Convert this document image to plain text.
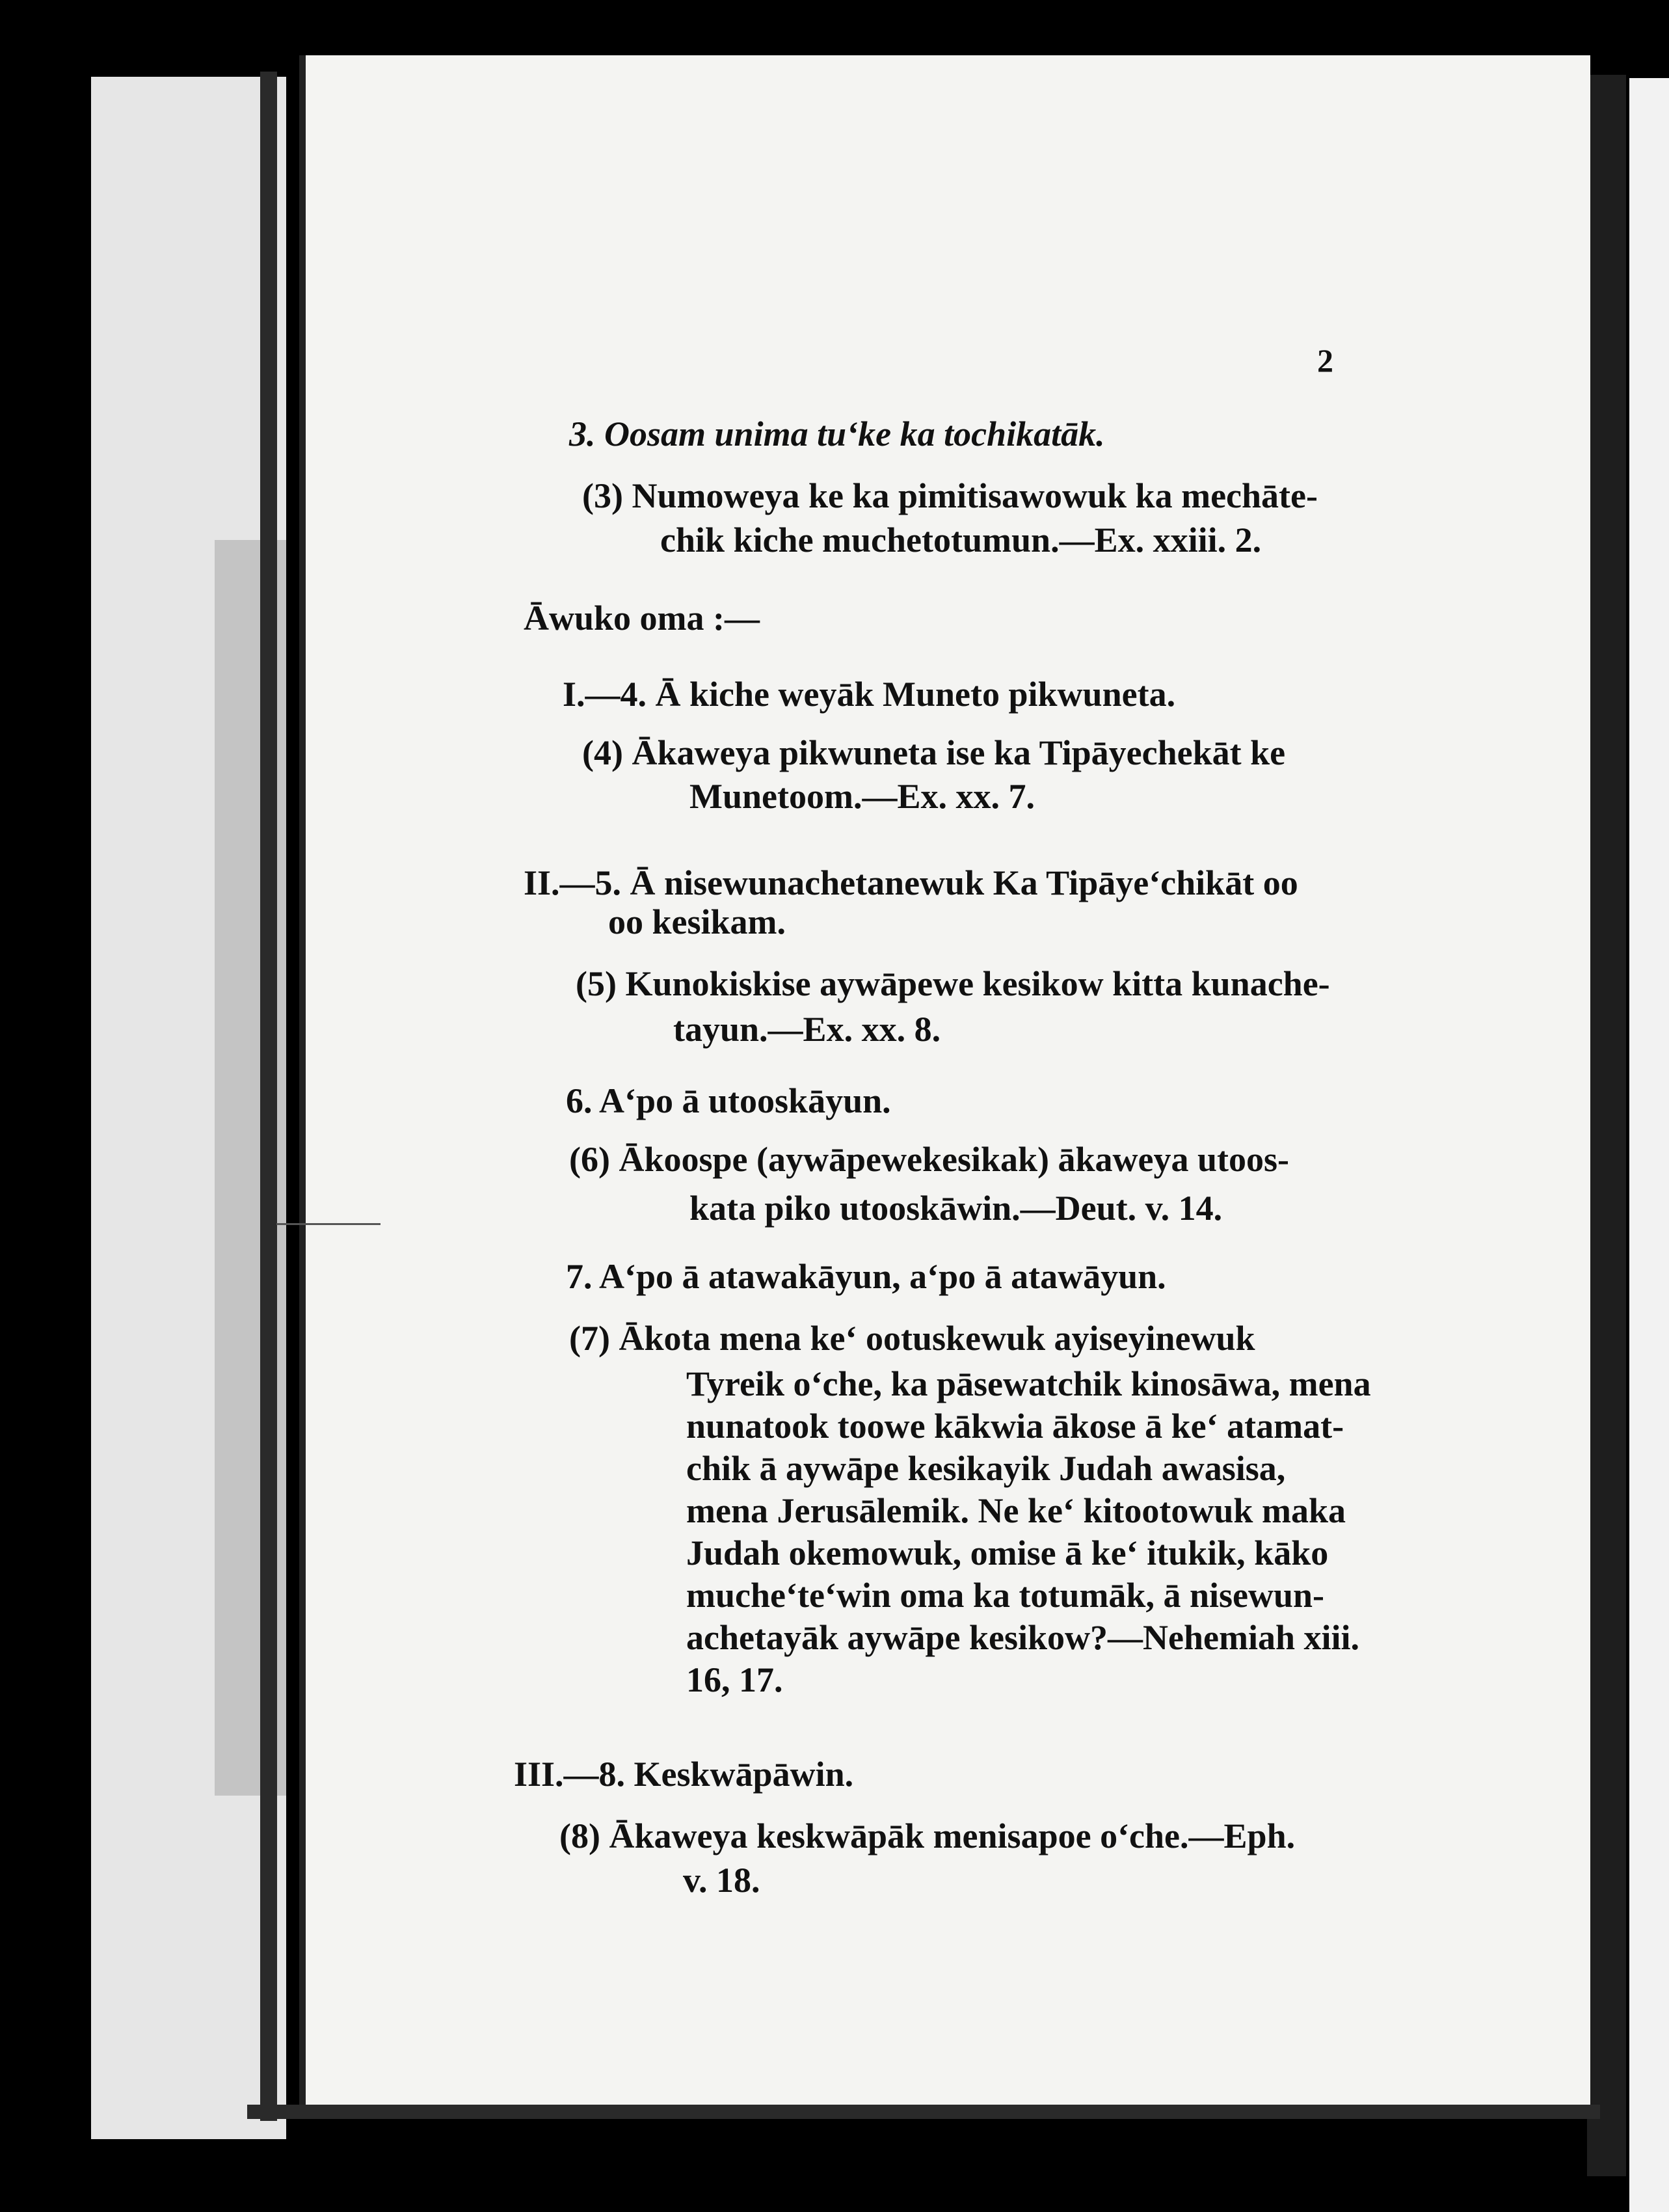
2
3. Oosam unima tu‘ke ka tochikatāk.
(3) Numoweya ke ka pimitisawowuk ka mechāte-
chik kiche muchetotumun.—Ex. xxiii. 2.
Āwuko oma :—
I.—4. Ā kiche weyāk Muneto pikwuneta.
(4) Ākaweya pikwuneta ise ka Tipāyechekāt ke
Munetoom.—Ex. xx. 7.
II.—5. Ā nisewunachetanewuk Ka Tipāye‘chikāt oo
oo kesikam.
(5) Kunokiskise aywāpewe kesikow kitta kunache-
tayun.—Ex. xx. 8.
6. A‘po ā utooskāyun.
(6) Ākoospe (aywāpewekesikak) ākaweya utoos-
kata piko utooskāwin.—Deut. v. 14.
7. A‘po ā atawakāyun, a‘po ā atawāyun.
(7) Ākota mena ke‘ ootuskewuk ayiseyinewuk
Tyreik o‘che, ka pāsewatchik kinosāwa, mena
nunatook toowe kākwia ākose ā ke‘ atamat-
chik ā aywāpe kesikayik Judah awasisa,
mena Jerusālemik. Ne ke‘ kitootowuk maka
Judah okemowuk, omise ā ke‘ itukik, kāko
muche‘te‘win oma ka totumāk, ā nisewun-
achetayāk aywāpe kesikow?—Nehemiah xiii.
16, 17.
III.—8. Keskwāpāwin.
(8) Ākaweya keskwāpāk menisapoe o‘che.—Eph.
v. 18.
